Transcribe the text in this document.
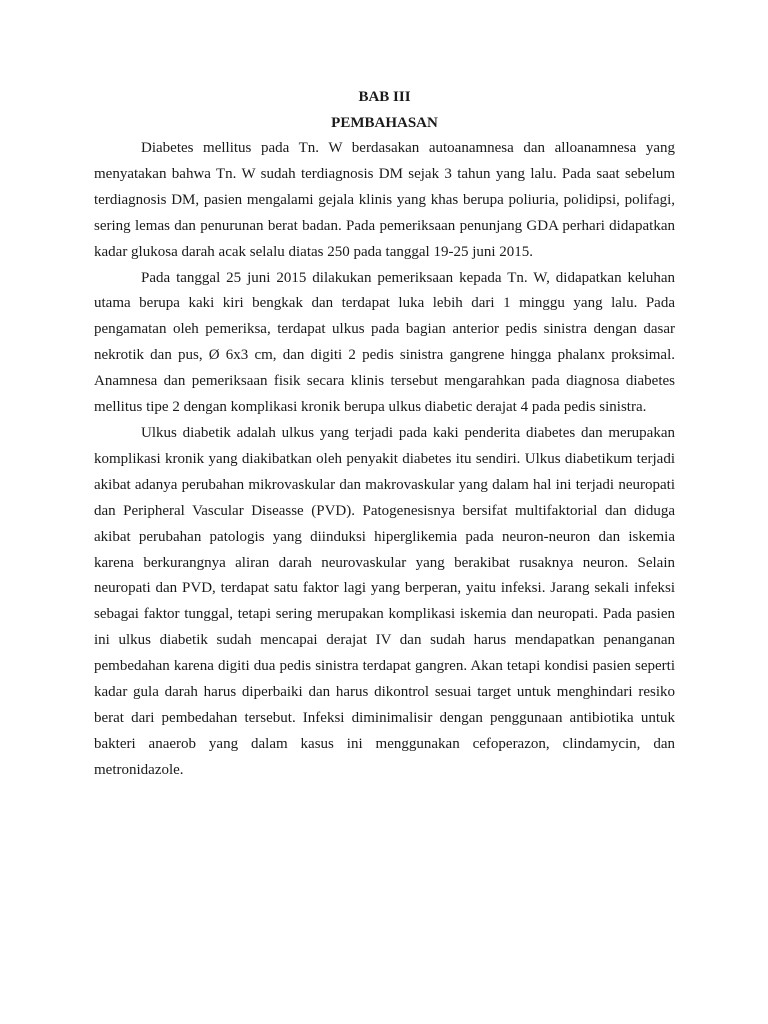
BAB III

PEMBAHASAN

Diabetes mellitus pada Tn. W berdasakan autoanamnesa dan alloanamnesa yang menyatakan bahwa Tn. W sudah terdiagnosis DM sejak 3 tahun yang lalu. Pada saat sebelum terdiagnosis DM, pasien mengalami gejala klinis yang khas berupa poliuria, polidipsi, polifagi, sering lemas dan penurunan berat badan. Pada pemeriksaan penunjang GDA perhari didapatkan kadar glukosa darah acak selalu diatas 250 pada tanggal 19-25 juni 2015.

Pada tanggal 25 juni 2015 dilakukan pemeriksaan kepada Tn. W, didapatkan keluhan utama berupa kaki kiri bengkak dan terdapat luka lebih dari 1 minggu yang lalu. Pada pengamatan oleh pemeriksa, terdapat ulkus pada bagian anterior pedis sinistra dengan dasar nekrotik dan pus, Ø 6x3 cm, dan digiti 2 pedis sinistra gangrene hingga phalanx proksimal. Anamnesa dan pemeriksaan fisik secara klinis tersebut mengarahkan pada diagnosa diabetes mellitus tipe 2 dengan komplikasi kronik berupa ulkus diabetic derajat 4 pada pedis sinistra.

Ulkus diabetik adalah ulkus yang terjadi pada kaki penderita diabetes dan merupakan komplikasi kronik yang diakibatkan oleh penyakit diabetes itu sendiri. Ulkus diabetikum terjadi akibat adanya perubahan mikrovaskular dan makrovaskular yang dalam hal ini terjadi neuropati dan Peripheral Vascular Diseasse (PVD). Patogenesisnya bersifat multifaktorial dan diduga akibat perubahan patologis yang diinduksi hiperglikemia pada neuron-neuron dan iskemia karena berkurangnya aliran darah neurovaskular yang berakibat rusaknya neuron. Selain neuropati dan PVD, terdapat satu faktor lagi yang berperan, yaitu infeksi. Jarang sekali infeksi sebagai faktor tunggal, tetapi sering merupakan komplikasi iskemia dan neuropati. Pada pasien ini ulkus diabetik sudah mencapai derajat IV dan sudah harus mendapatkan penanganan pembedahan karena digiti dua pedis sinistra terdapat gangren. Akan tetapi kondisi pasien seperti kadar gula darah harus diperbaiki dan harus dikontrol sesuai target untuk menghindari resiko berat dari pembedahan tersebut. Infeksi diminimalisir dengan penggunaan antibiotika untuk bakteri anaerob yang dalam kasus ini menggunakan cefoperazon, clindamycin, dan metronidazole.
